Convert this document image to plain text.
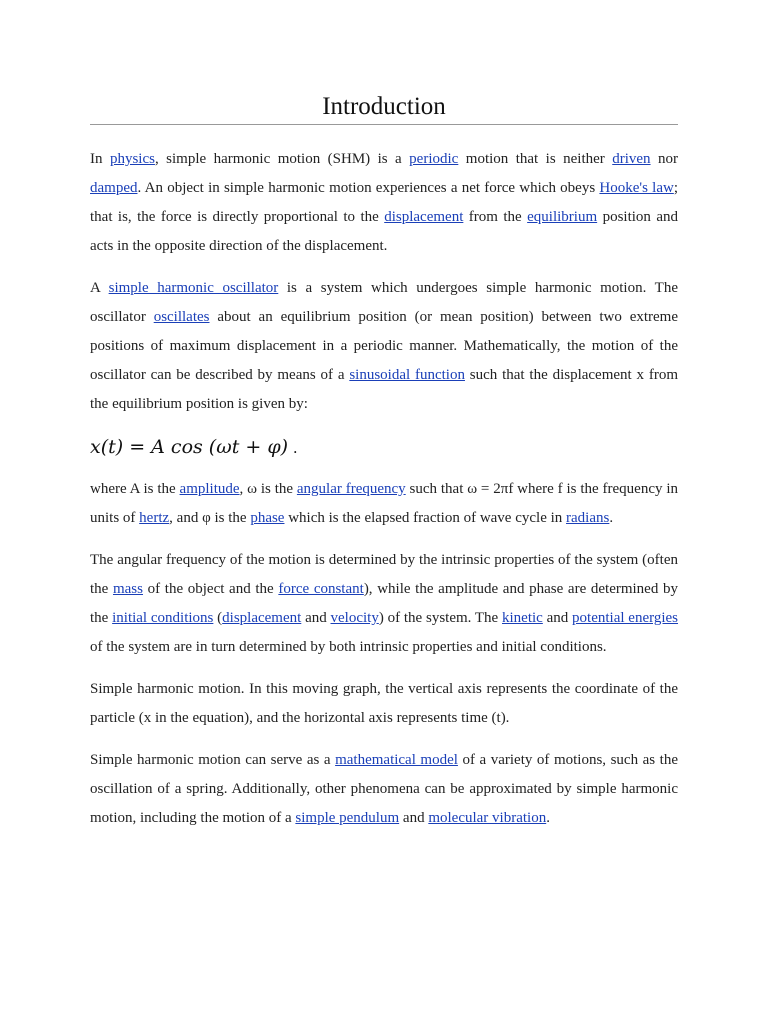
Introduction

In physics, simple harmonic motion (SHM) is a periodic motion that is neither driven nor damped. An object in simple harmonic motion experiences a net force which obeys Hooke's law; that is, the force is directly proportional to the displacement from the equilibrium position and acts in the opposite direction of the displacement.

A simple harmonic oscillator is a system which undergoes simple harmonic motion. The oscillator oscillates about an equilibrium position (or mean position) between two extreme positions of maximum displacement in a periodic manner. Mathematically, the motion of the oscillator can be described by means of a sinusoidal function such that the displacement x from the equilibrium position is given by:

x(t) = A cos (ωt + φ) .

where A is the amplitude, ω is the angular frequency such that ω = 2πf where f is the frequency in units of hertz, and φ is the phase which is the elapsed fraction of wave cycle in radians.

The angular frequency of the motion is determined by the intrinsic properties of the system (often the mass of the object and the force constant), while the amplitude and phase are determined by the initial conditions (displacement and velocity) of the system. The kinetic and potential energies of the system are in turn determined by both intrinsic properties and initial conditions.

Simple harmonic motion. In this moving graph, the vertical axis represents the coordinate of the particle (x in the equation), and the horizontal axis represents time (t).

Simple harmonic motion can serve as a mathematical model of a variety of motions, such as the oscillation of a spring. Additionally, other phenomena can be approximated by simple harmonic motion, including the motion of a simple pendulum and molecular vibration.
